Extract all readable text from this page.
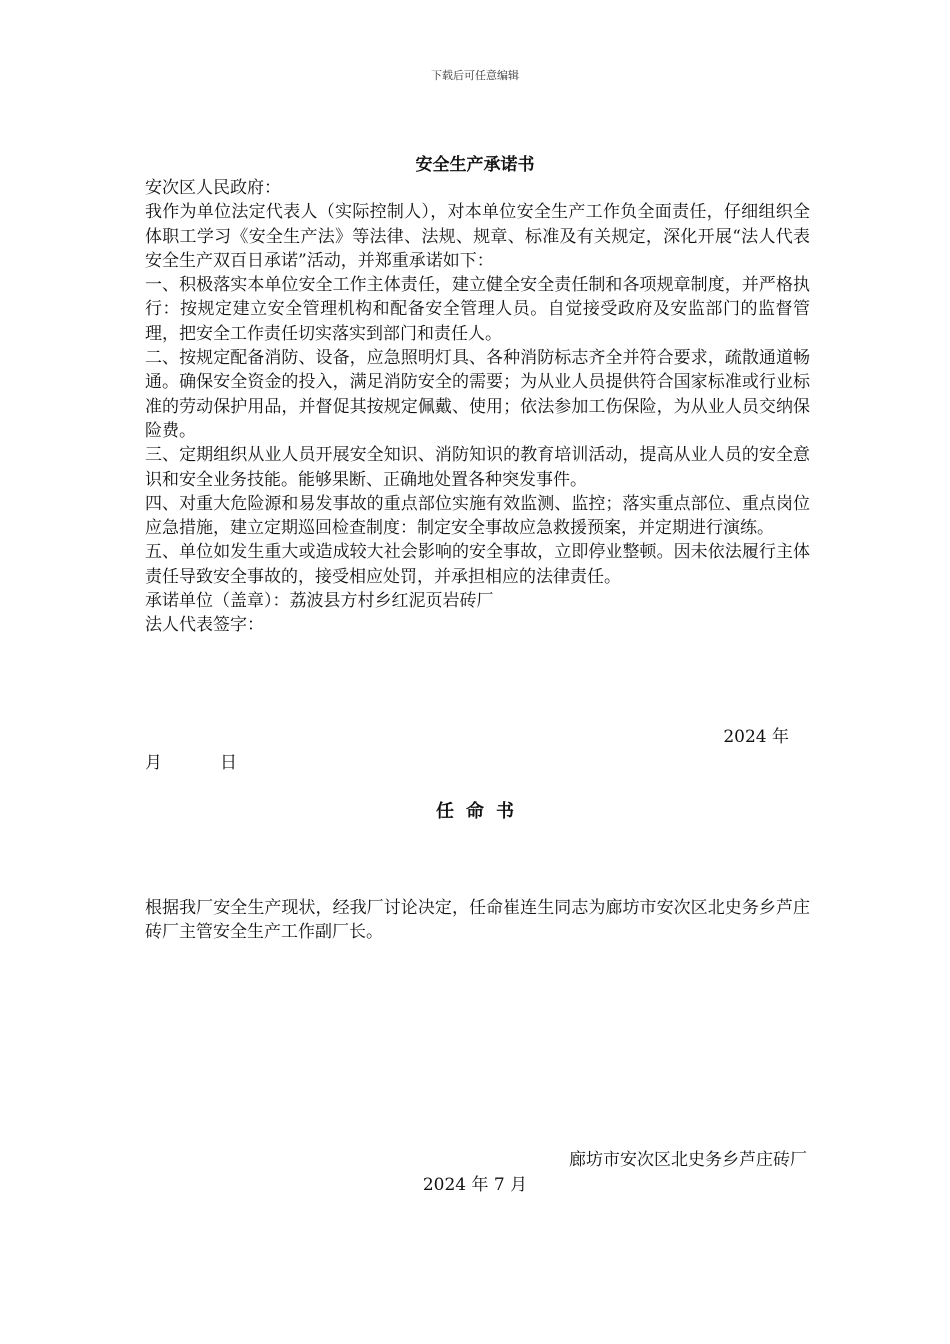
下载后可任意编辑
安全生产承诺书

安次区人民政府：

我作为单位法定代表人（实际控制人），对本单位安全生产工作负全面责任，仔细组织全体职工学习《安全生产法》等法律、法规、规章、标准及有关规定，深化开展“法人代表安全生产双百日承诺”活动，并郑重承诺如下：

一、积极落实本单位安全工作主体责任，建立健全安全责任制和各项规章制度，并严格执行：按规定建立安全管理机构和配备安全管理人员。自觉接受政府及安监部门的监督管理，把安全工作责任切实落实到部门和责任人。

二、按规定配备消防、设备，应急照明灯具、各种消防标志齐全并符合要求，疏散通道畅通。确保安全资金的投入，满足消防安全的需要；为从业人员提供符合国家标准或行业标准的劳动保护用品，并督促其按规定佩戴、使用；依法参加工伤保险，为从业人员交纳保险费。

三、定期组织从业人员开展安全知识、消防知识的教育培训活动，提高从业人员的安全意识和安全业务技能。能够果断、正确地处置各种突发事件。

四、对重大危险源和易发事故的重点部位实施有效监测、监控；落实重点部位、重点岗位应急措施，建立定期巡回检查制度：制定安全事故应急救援预案，并定期进行演练。

五、单位如发生重大或造成较大社会影响的安全事故，立即停业整顿。因未依法履行主体责任导致安全事故的，接受相应处罚，并承担相应的法律责任。

承诺单位（盖章）：荔波县方村乡红泥页岩砖厂

法人代表签字：

2024 年
月	日
任命书

根据我厂安全生产现状，经我厂讨论决定，任命崔连生同志为廊坊市安次区北史务乡芦庄砖厂主管安全生产工作副厂长。

廊坊市安次区北史务乡芦庄砖厂
2024 年 7 月
